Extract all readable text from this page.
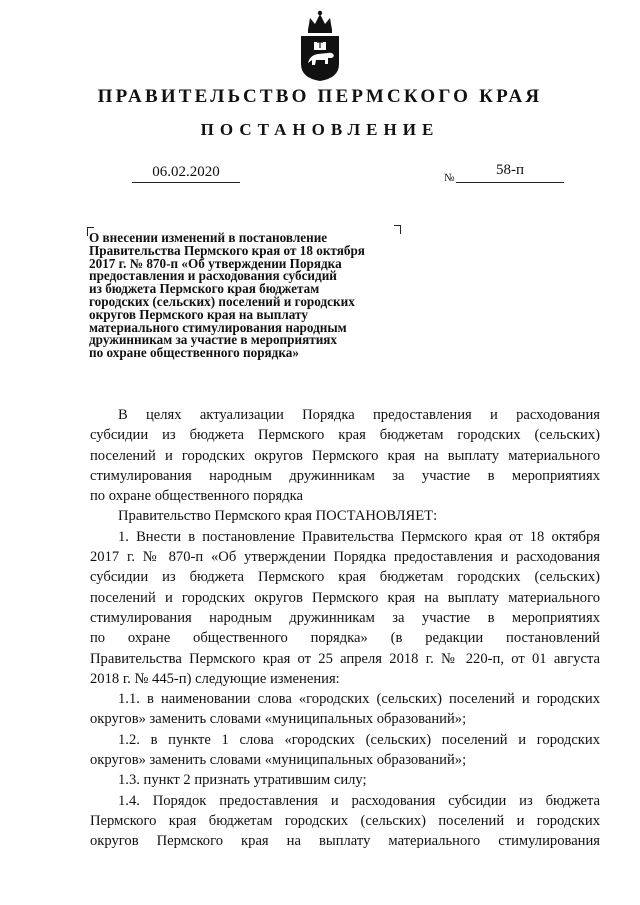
ПРАВИТЕЛЬСТВО ПЕРМСКОГО КРАЯ
ПОСТАНОВЛЕНИЕ
06.02.2020	№	58-п
О внесении изменений в постановление
Правительства Пермского края от 18 октября
2017 г. № 870-п «Об утверждении Порядка
предоставления и расходования субсидий
из бюджета Пермского края бюджетам
городских (сельских) поселений и городских
округов Пермского края на выплату
материального стимулирования народным
дружинникам за участие в мероприятиях
по охране общественного порядка»
В целях актуализации Порядка предоставления и расходования
субсидии из бюджета Пермского края бюджетам городских (сельских)
поселений и городских округов Пермского края на выплату материального
стимулирования народным дружинникам за участие в мероприятиях
по охране общественного порядка
Правительство Пермского края ПОСТАНОВЛЯЕТ:
1. Внести в постановление Правительства Пермского края от 18 октября
2017 г. № 870-п «Об утверждении Порядка предоставления и расходования
субсидии из бюджета Пермского края бюджетам городских (сельских)
поселений и городских округов Пермского края на выплату материального
стимулирования народным дружинникам за участие в мероприятиях
по охране общественного порядка» (в редакции постановлений
Правительства Пермского края от 25 апреля 2018 г. № 220-п, от 01 августа
2018 г. № 445-п) следующие изменения:
1.1. в наименовании слова «городских (сельских) поселений и городских
округов» заменить словами «муниципальных образований»;
1.2. в пункте 1 слова «городских (сельских) поселений и городских
округов» заменить словами «муниципальных образований»;
1.3. пункт 2 признать утратившим силу;
1.4. Порядок предоставления и расходования субсидии из бюджета
Пермского края бюджетам городских (сельских) поселений и городских
округов Пермского края на выплату материального стимулирования
